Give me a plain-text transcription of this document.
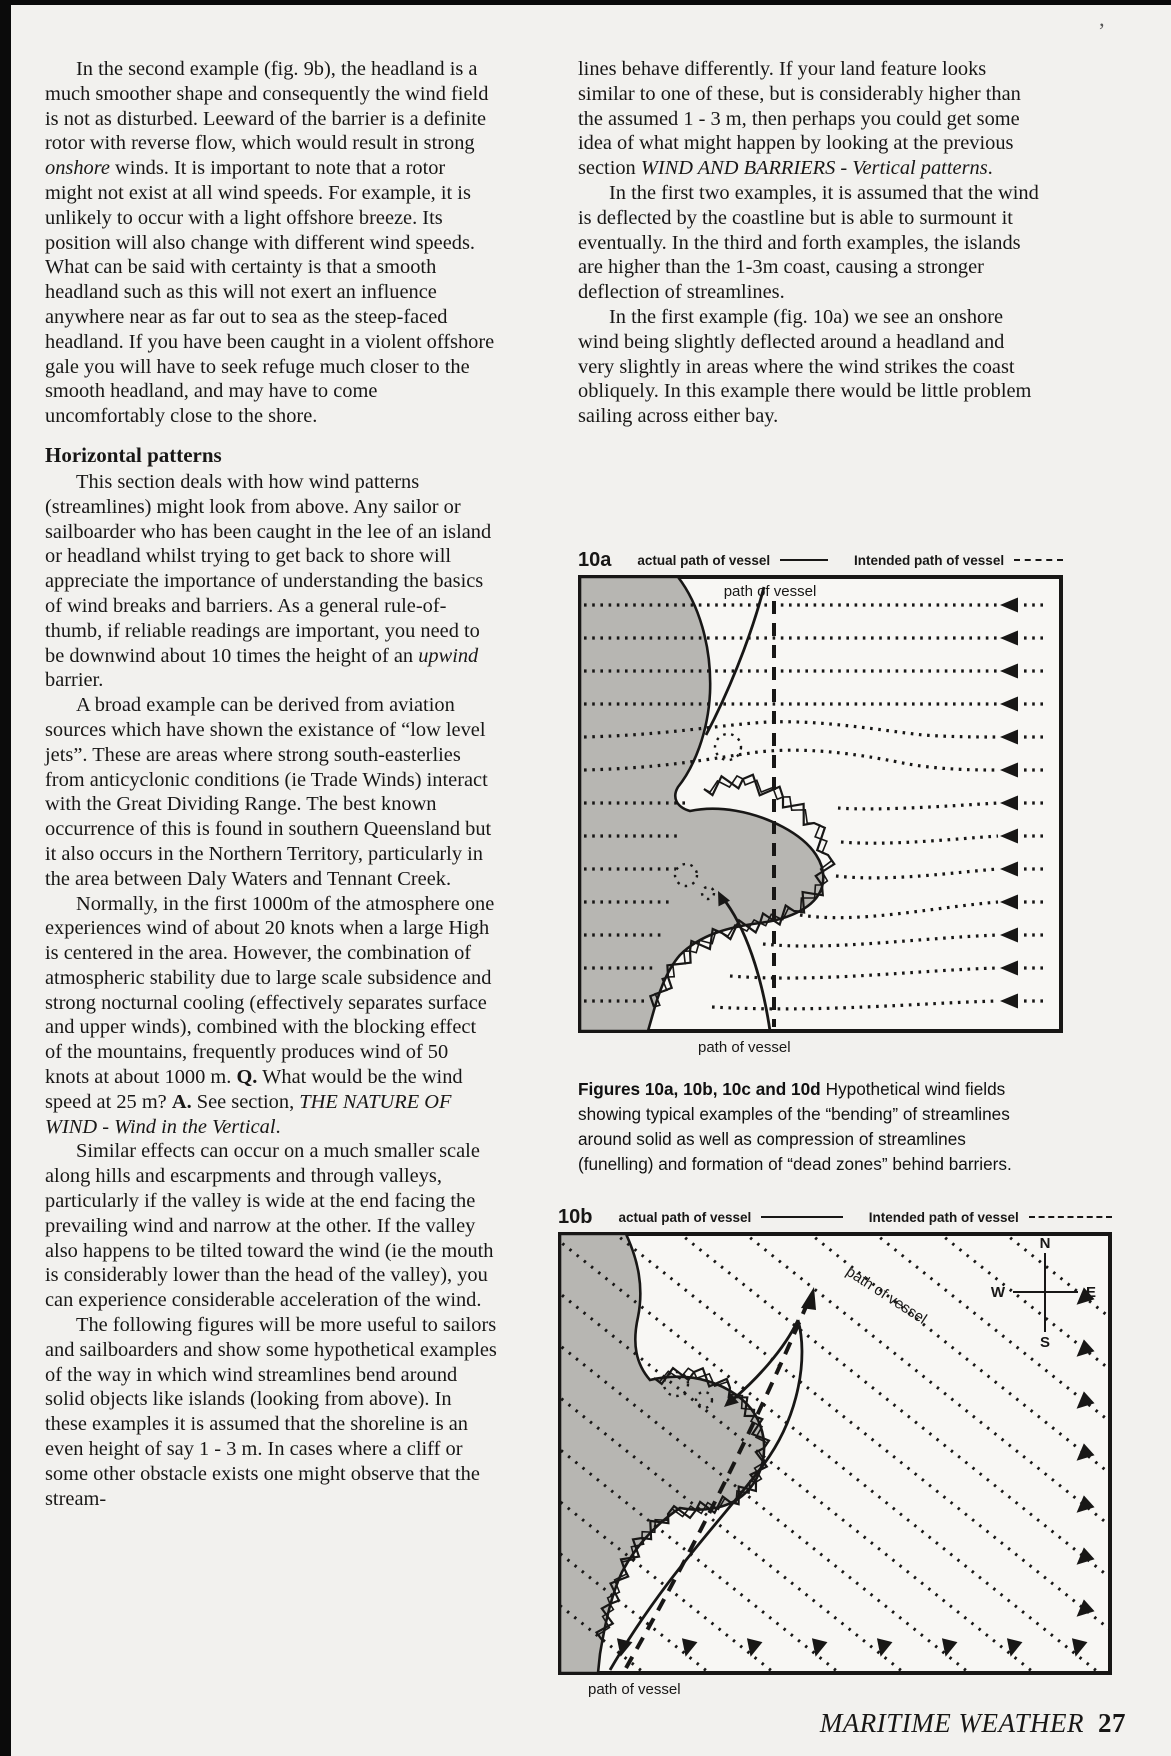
’

In the second example (fig. 9b), the headland is a much smoother shape and consequently the wind field is not as disturbed. Leeward of the barrier is a definite rotor with reverse flow, which would result in strong onshore winds. It is important to note that a rotor might not exist at all wind speeds. For example, it is unlikely to occur with a light offshore breeze. Its position will also change with different wind speeds. What can be said with certainty is that a smooth headland such as this will not exert an influence anywhere near as far out to sea as the steep-faced headland. If you have been caught in a violent offshore gale you will have to seek refuge much closer to the smooth headland, and may have to come uncomfortably close to the shore.

Horizontal patterns

This section deals with how wind patterns (streamlines) might look from above. Any sailor or sailboarder who has been caught in the lee of an island or headland whilst trying to get back to shore will appreciate the importance of understanding the basics of wind breaks and barriers. As a general rule-of-thumb, if reliable readings are important, you need to be downwind about 10 times the height of an upwind barrier.

A broad example can be derived from aviation sources which have shown the existance of “low level jets”. These are areas where strong south-easterlies from anticyclonic conditions (ie Trade Winds) interact with the Great Dividing Range. The best known occurrence of this is found in southern Queensland but it also occurs in the Northern Territory, particularly in the area between Daly Waters and Tennant Creek.

Normally, in the first 1000m of the atmosphere one experiences wind of about 20 knots when a large High is centered in the area. However, the combination of atmospheric stability due to large scale subsidence and strong nocturnal cooling (effectively separates surface and upper winds), combined with the blocking effect of the mountains, frequently produces wind of 50 knots at about 1000 m. Q. What would be the wind speed at 25 m? A. See section, THE NATURE OF WIND - Wind in the Vertical.

Similar effects can occur on a much smaller scale along hills and escarpments and through valleys, particularly if the valley is wide at the end facing the prevailing wind and narrow at the other. If the valley also happens to be tilted toward the wind (ie the mouth is considerably lower than the head of the valley), you can experience considerable acceleration of the wind.

The following figures will be more useful to sailors and sailboarders and show some hypothetical examples of the way in which wind streamlines bend around solid objects like islands (looking from above). In these examples it is assumed that the shoreline is an even height of say 1 - 3 m. In cases where a cliff or some other obstacle exists one might observe that the stream-

lines behave differently. If your land feature looks similar to one of these, but is considerably higher than the assumed 1 - 3 m, then perhaps you could get some idea of what might happen by looking at the previous section WIND AND BARRIERS - Vertical patterns.

In the first two examples, it is assumed that the wind is deflected by the coastline but is able to surmount it eventually. In the third and forth examples, the islands are higher than the 1-3m coast, causing a stronger deflection of streamlines.

In the first example (fig. 10a) we see an onshore wind being slightly deflected around a headland and very slightly in areas where the wind strikes the coast obliquely. In this example there would be little problem sailing across either bay.

10a actual path of vessel	Intended path of vessel
path of vessel
path of vessel
Figures 10a, 10b, 10c and 10d Hypothetical wind fields showing typical examples of the “bending” of streamlines around solid as well as compression of streamlines (funelling) and formation of “dead zones” behind barriers.
10b actual path of vessel	Intended path of vessel
N
S
W	E
path of vessel
path of vessel
MARITIME WEATHER 27
